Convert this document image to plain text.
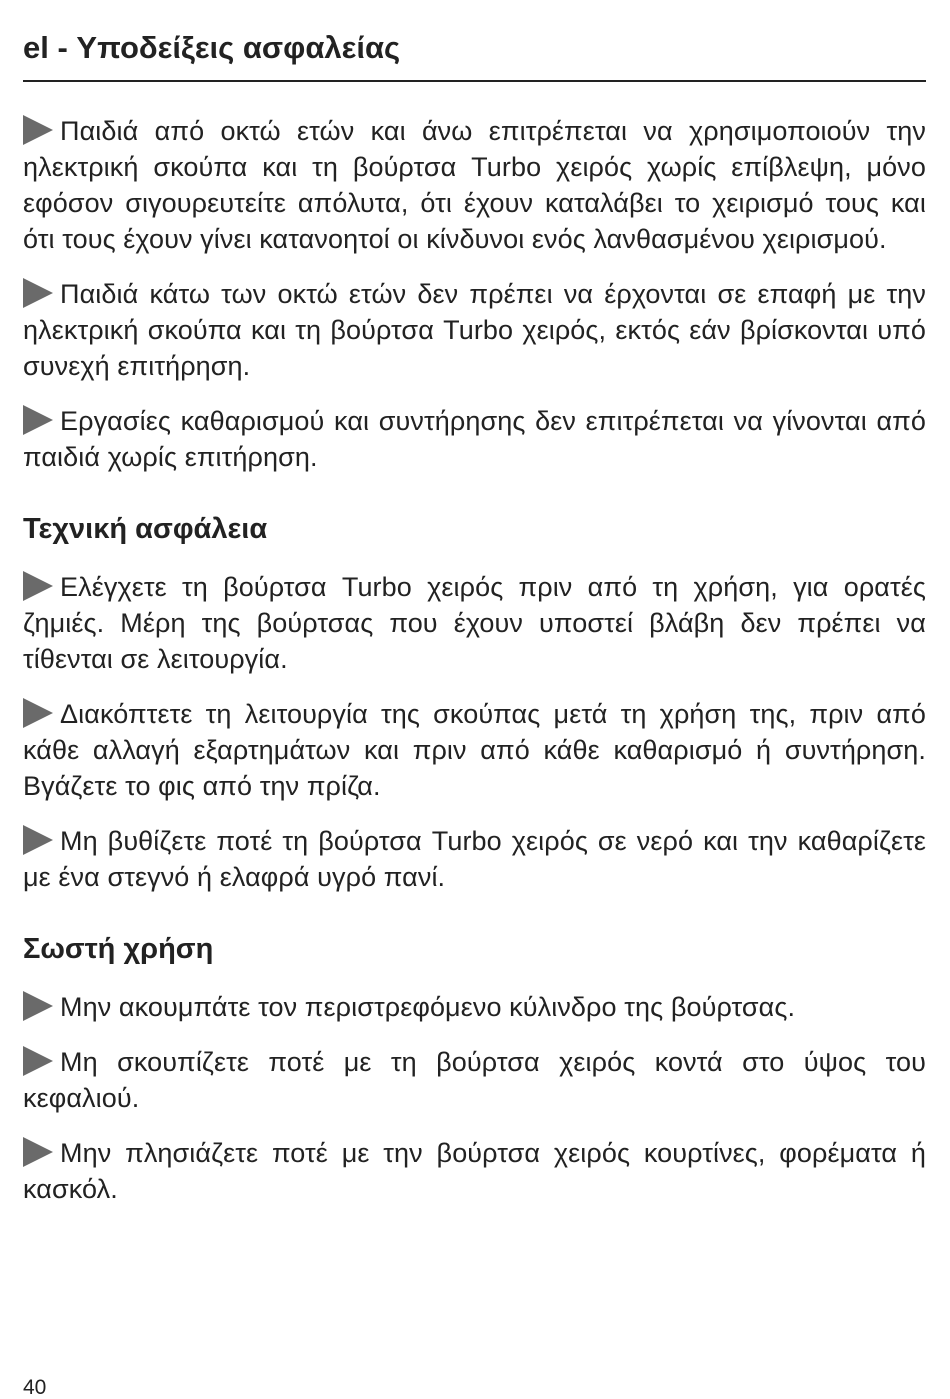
el - Υποδείξεις ασφαλείας

Παιδιά από οκτώ ετών και άνω επιτρέπεται να χρησιμοποιούν την ηλεκτρική σκούπα και τη βούρτσα Turbo χειρός χωρίς επίβλεψη, μόνο εφόσον σιγουρευτείτε απόλυτα, ότι έχουν καταλάβει το χειρισμό τους και ότι τους έχουν γίνει κατανοητοί οι κίνδυνοι ενός λανθασμένου χειρισμού.

Παιδιά κάτω των οκτώ ετών δεν πρέπει να έρχονται σε επαφή με την ηλεκτρική σκούπα και τη βούρτσα Turbo χειρός, εκτός εάν βρίσκονται υπό συνεχή επιτήρηση.

Εργασίες καθαρισμού και συντήρησης δεν επιτρέπεται να γίνονται από παιδιά χωρίς επιτήρηση.

Τεχνική ασφάλεια

Ελέγχετε τη βούρτσα Turbo χειρός πριν από τη χρήση, για ορατές ζημιές. Μέρη της βούρτσας που έχουν υποστεί βλάβη δεν πρέπει να τίθενται σε λειτουργία.

Διακόπτετε τη λειτουργία της σκούπας μετά τη χρήση της, πριν από κάθε αλλαγή εξαρτημάτων και πριν από κάθε καθαρισμό ή συντήρηση. Βγάζετε το φις από την πρίζα.

Μη βυθίζετε ποτέ τη βούρτσα Turbo χειρός σε νερό και την καθαρίζετε με ένα στεγνό ή ελαφρά υγρό πανί.

Σωστή χρήση

Μην ακουμπάτε τον περιστρεφόμενο κύλινδρο της βούρτσας.

Μη σκουπίζετε ποτέ με τη βούρτσα χειρός κοντά στο ύψος του κεφαλιού.

Μην πλησιάζετε ποτέ με την βούρτσα χειρός κουρτίνες, φορέματα ή κασκόλ.

40
